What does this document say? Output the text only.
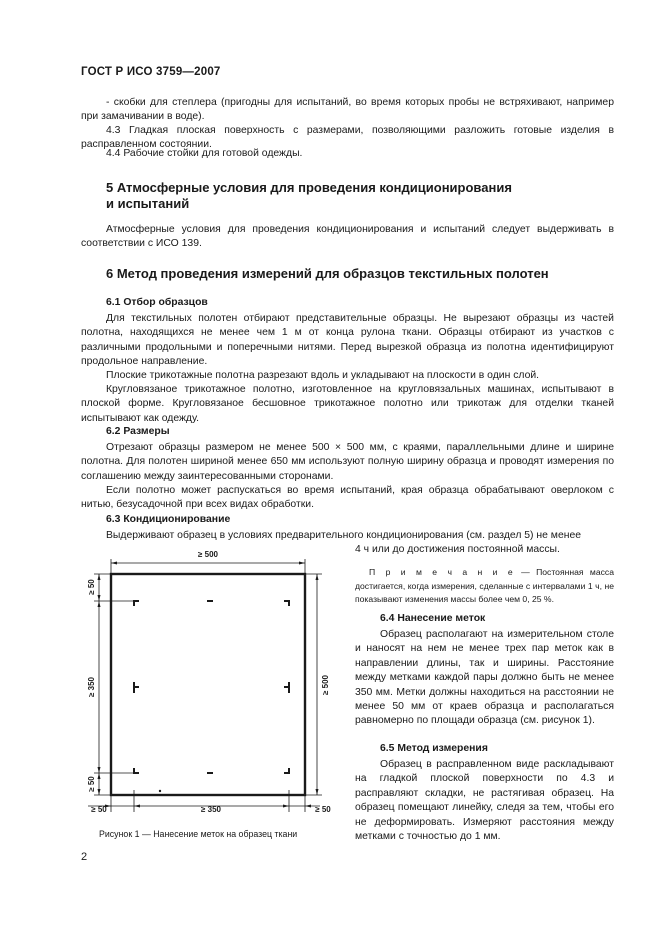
ГОСТ Р ИСО 3759—2007

- скобки для степлера (пригодны для испытаний, во время которых пробы не встряхивают, например при замачивании в воде).

4.3 Гладкая плоская поверхность с размерами, позволяющими разложить готовые изделия в расправленном состоянии.

4.4 Рабочие стойки для готовой одежды.

5 Атмосферные условия для проведения кондиционирования
и испытаний

Атмосферные условия для проведения кондиционирования и испытаний следует выдерживать в соответствии с ИСО 139.

6 Метод проведения измерений для образцов текстильных полотен
6.1 Отбор образцов

Для текстильных полотен отбирают представительные образцы. Не вырезают образцы из частей полотна, находящихся не менее чем 1 м от конца рулона ткани. Образцы отбирают из участков с различными продольными и поперечными нитями. Перед вырезкой образца из полотна идентифицируют продольное направление.

Плоские трикотажные полотна разрезают вдоль и укладывают на плоскости в один слой.

Кругловязаное трикотажное полотно, изготовленное на кругловязальных машинах, испытывают в плоской форме. Кругловязаное бесшовное трикотажное полотно или трикотаж для отделки тканей испытывают как одежду.

6.2 Размеры

Отрезают образцы размером не менее 500 × 500 мм, с краями, параллельными длине и ширине полотна. Для полотен шириной менее 650 мм используют полную ширину образца и проводят измерения по соглашению между заинтересованными сторонами.

Если полотно может распускаться во время испытаний, края образца обрабатывают оверлоком с нитью, безусадочной при всех видах обработки.

6.3 Кондиционирование

Выдерживают образец в условиях предварительного кондиционирования (см. раздел 5) не менее

4 ч или до достижения постоянной массы.

П р и м е ч а н и е — Постоянная масса достигается, когда измерения, сделанные с интервалами 1 ч, не показывают изменения массы более чем 0, 25 %.

6.4 Нанесение меток

Образец располагают на измерительном столе и наносят на нем не менее трех пар меток как в направлении длины, так и ширины. Расстояние между метками каждой пары должно быть не менее 350 мм. Метки должны находиться на расстоянии не менее 50 мм от краев образца и располагаться равномерно по площади образца (см. рисунок 1).

6.5 Метод измерения

Образец в расправленном виде раскладывают на гладкой плоской поверхности по 4.3 и расправляют складки, не растягивая образец. На образец помещают линейку, следя за тем, чтобы его не деформировать. Измеряют расстояния между метками с точностью до 1 мм.

≥ 500
≥ 500
≥ 50
≥ 350
≥ 50
≥ 50	≥ 350	≥ 50
Рисунок 1 — Нанесение меток на образец ткани
2
